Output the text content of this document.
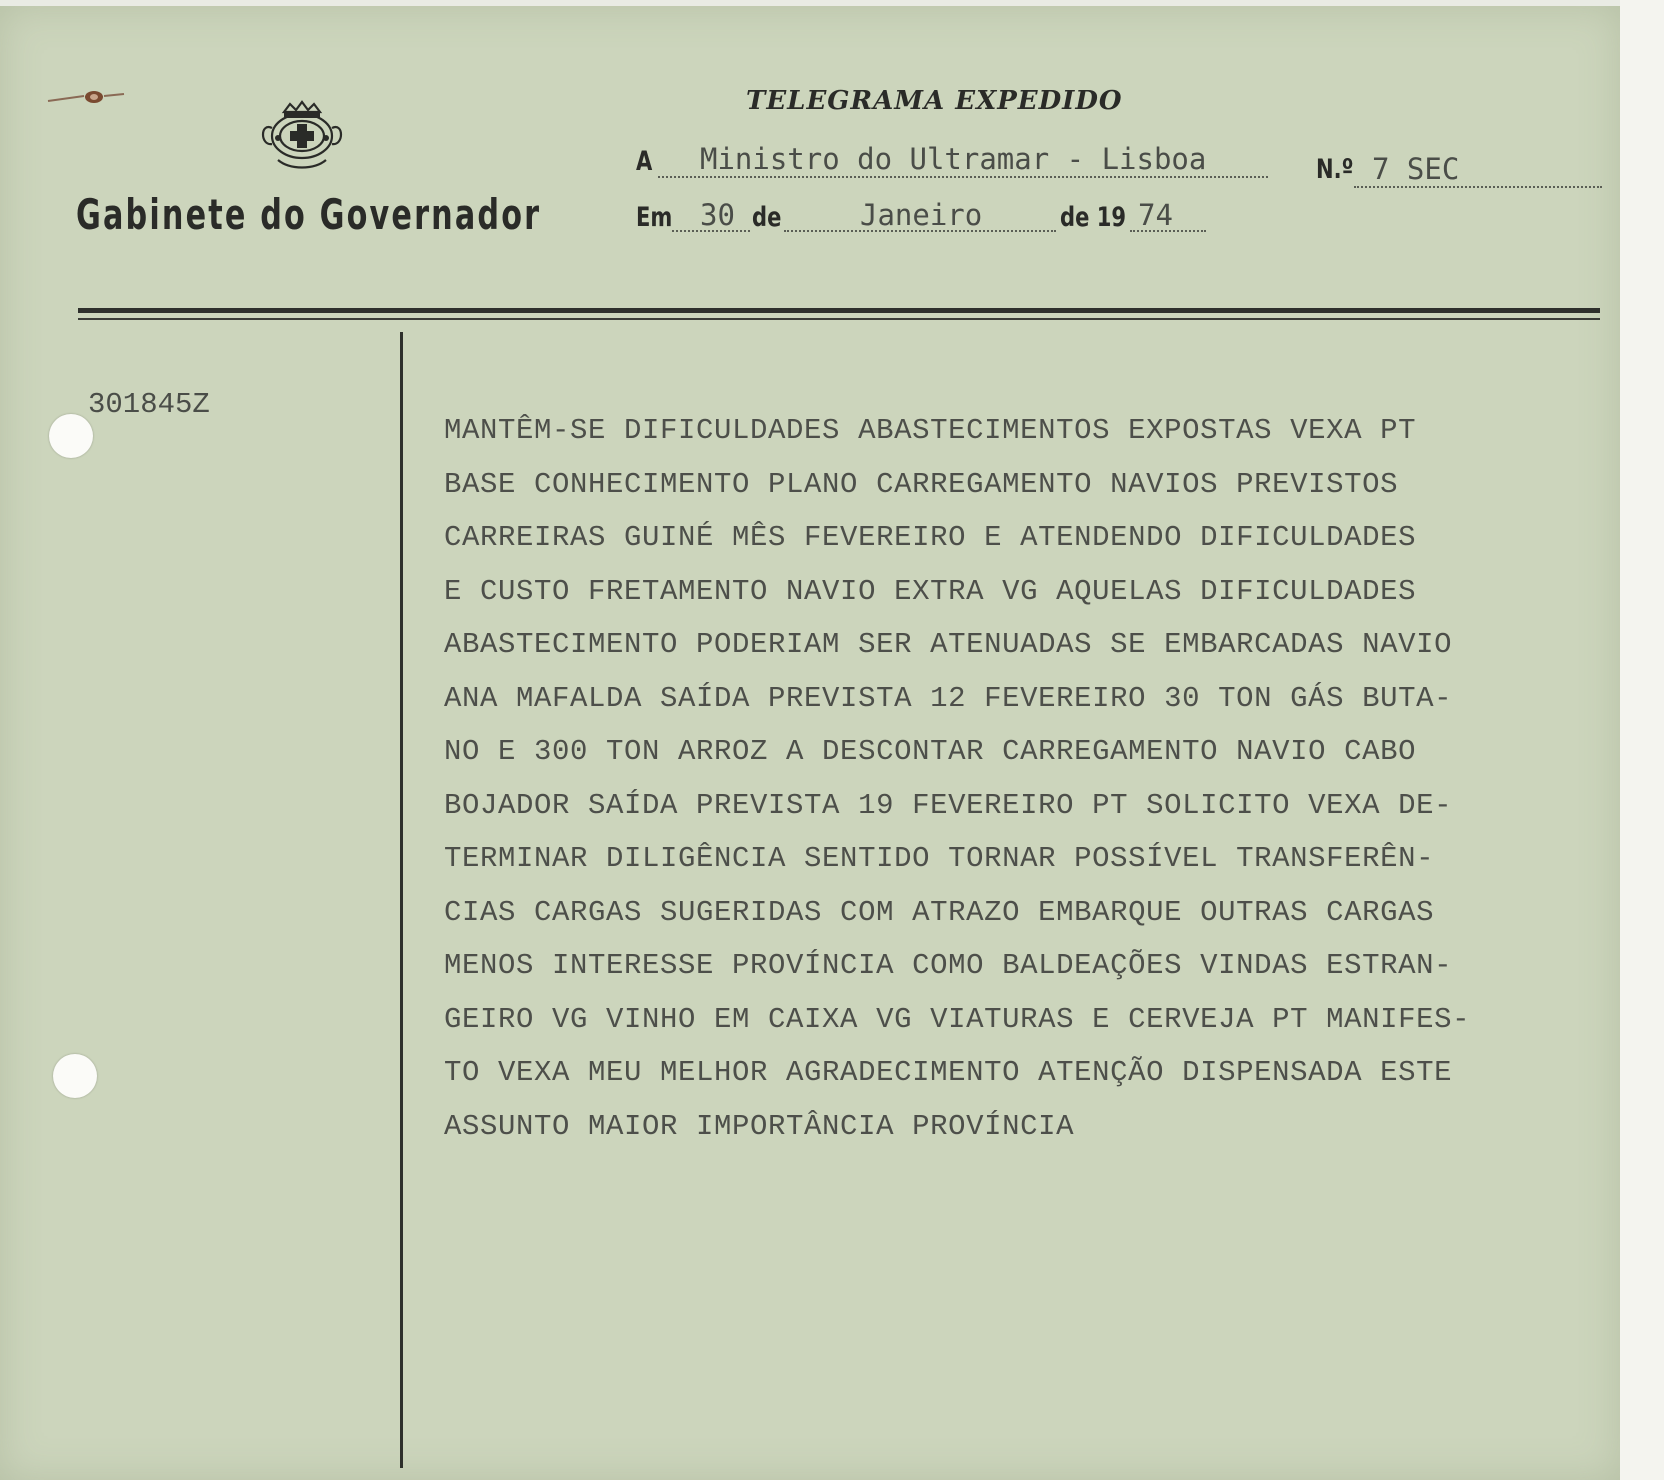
Gabinete do Governador
TELEGRAMA EXPEDIDO
A Ministro do Ultramar - Lisboa	N.º 7 SEC
Em 30 de	Janeiro	de 19 74
301845Z
MANTÊM-SE DIFICULDADES ABASTECIMENTOS EXPOSTAS VEXA PT
BASE CONHECIMENTO PLANO CARREGAMENTO NAVIOS PREVISTOS
CARREIRAS GUINÉ MÊS FEVEREIRO E ATENDENDO DIFICULDADES
E CUSTO FRETAMENTO NAVIO EXTRA VG AQUELAS DIFICULDADES
ABASTECIMENTO PODERIAM SER ATENUADAS SE EMBARCADAS NAVIO
ANA MAFALDA SAÍDA PREVISTA 12 FEVEREIRO 30 TON GÁS BUTA-
NO E 300 TON ARROZ A DESCONTAR CARREGAMENTO NAVIO CABO
BOJADOR SAÍDA PREVISTA 19 FEVEREIRO PT SOLICITO VEXA DE-
TERMINAR DILIGÊNCIA SENTIDO TORNAR POSSÍVEL TRANSFERÊN-
CIAS CARGAS SUGERIDAS COM ATRAZO EMBARQUE OUTRAS CARGAS
MENOS INTERESSE PROVÍNCIA COMO BALDEAÇÕES VINDAS ESTRAN-
GEIRO VG VINHO EM CAIXA VG VIATURAS E CERVEJA PT MANIFES-
TO VEXA MEU MELHOR AGRADECIMENTO ATENÇÃO DISPENSADA ESTE
ASSUNTO MAIOR IMPORTÂNCIA PROVÍNCIA
